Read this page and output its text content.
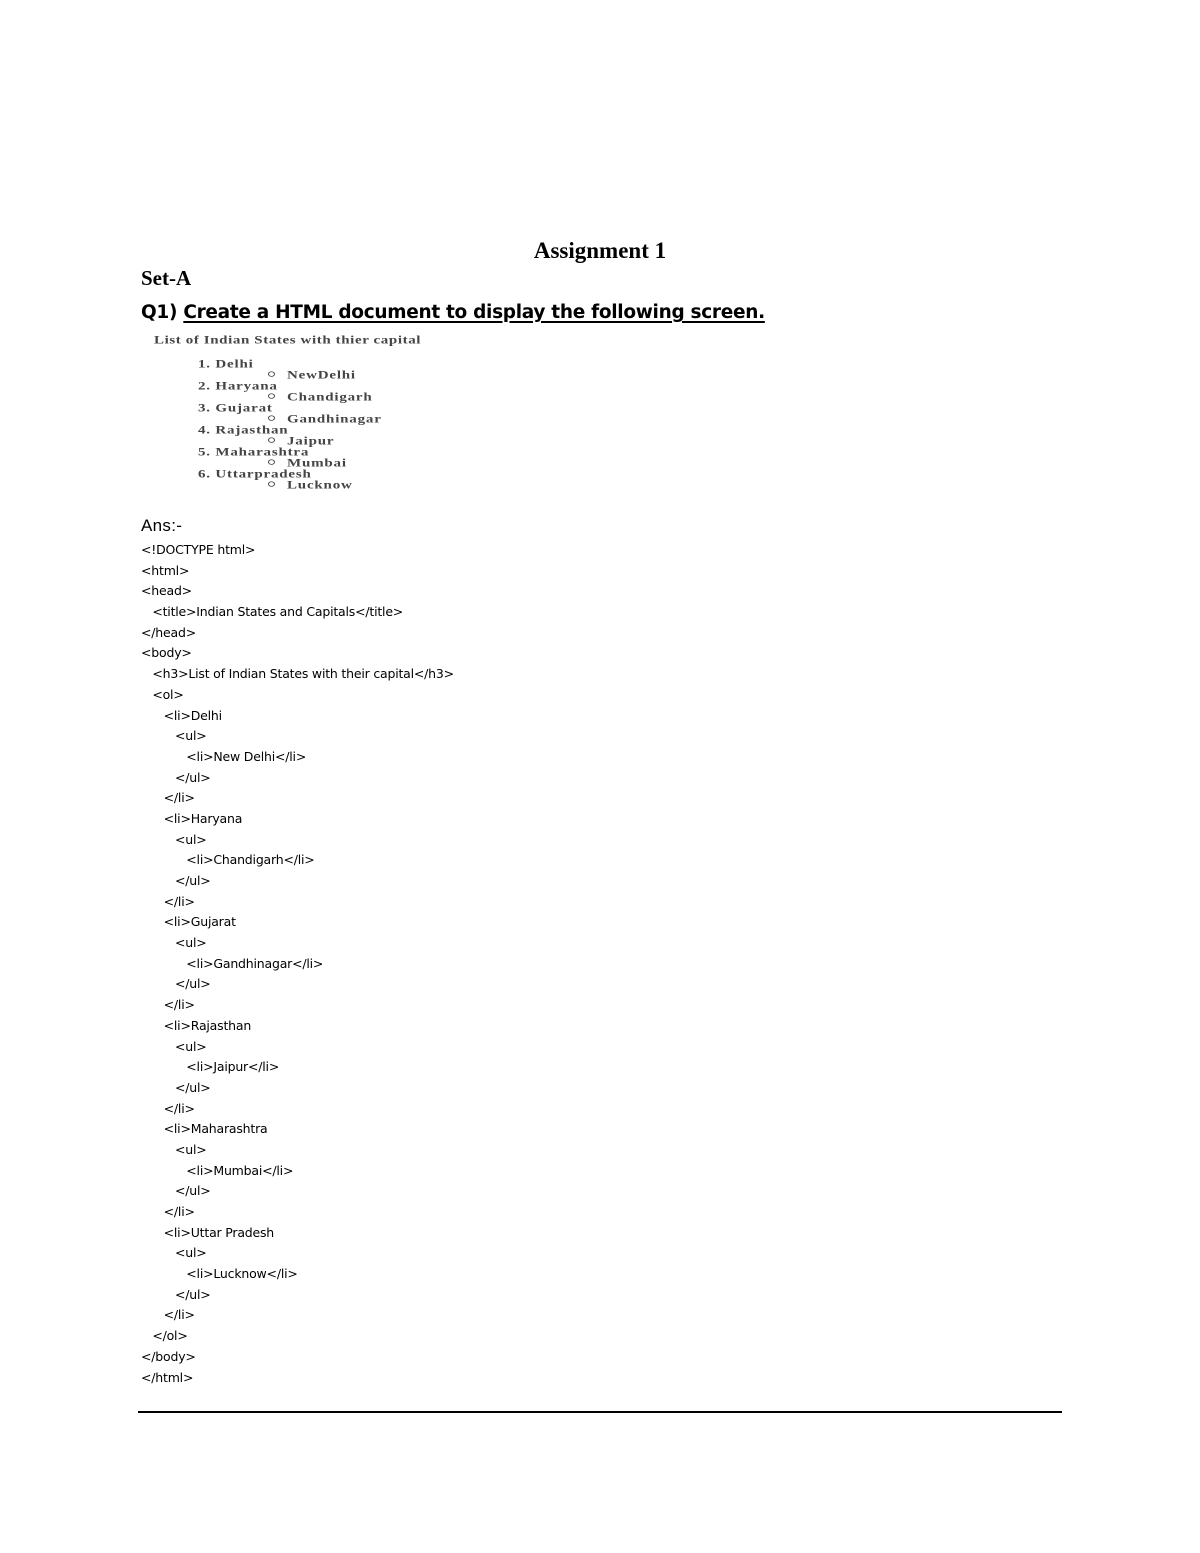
Assignment 1
Set-A
Q1) Create a HTML document to display the following screen.
List of Indian States with thier capital
1. Delhi
NewDelhi
2. Haryana
Chandigarh
3. Gujarat
Gandhinagar
4. Rajasthan
Jaipur
5. Maharashtra
Mumbai
6. Uttarpradesh
Lucknow
Ans:-
<!DOCTYPE html>
<html>
<head>
<title>Indian States and Capitals</title>
</head>
<body>
<h3>List of Indian States with their capital</h3>
<ol>
<li>Delhi
<ul>
<li>New Delhi</li>
</ul>
</li>
<li>Haryana
<ul>
<li>Chandigarh</li>
</ul>
</li>
<li>Gujarat
<ul>
<li>Gandhinagar</li>
</ul>
</li>
<li>Rajasthan
<ul>
<li>Jaipur</li>
</ul>
</li>
<li>Maharashtra
<ul>
<li>Mumbai</li>
</ul>
</li>
<li>Uttar Pradesh
<ul>
<li>Lucknow</li>
</ul>
</li>
</ol>
</body>
</html>
